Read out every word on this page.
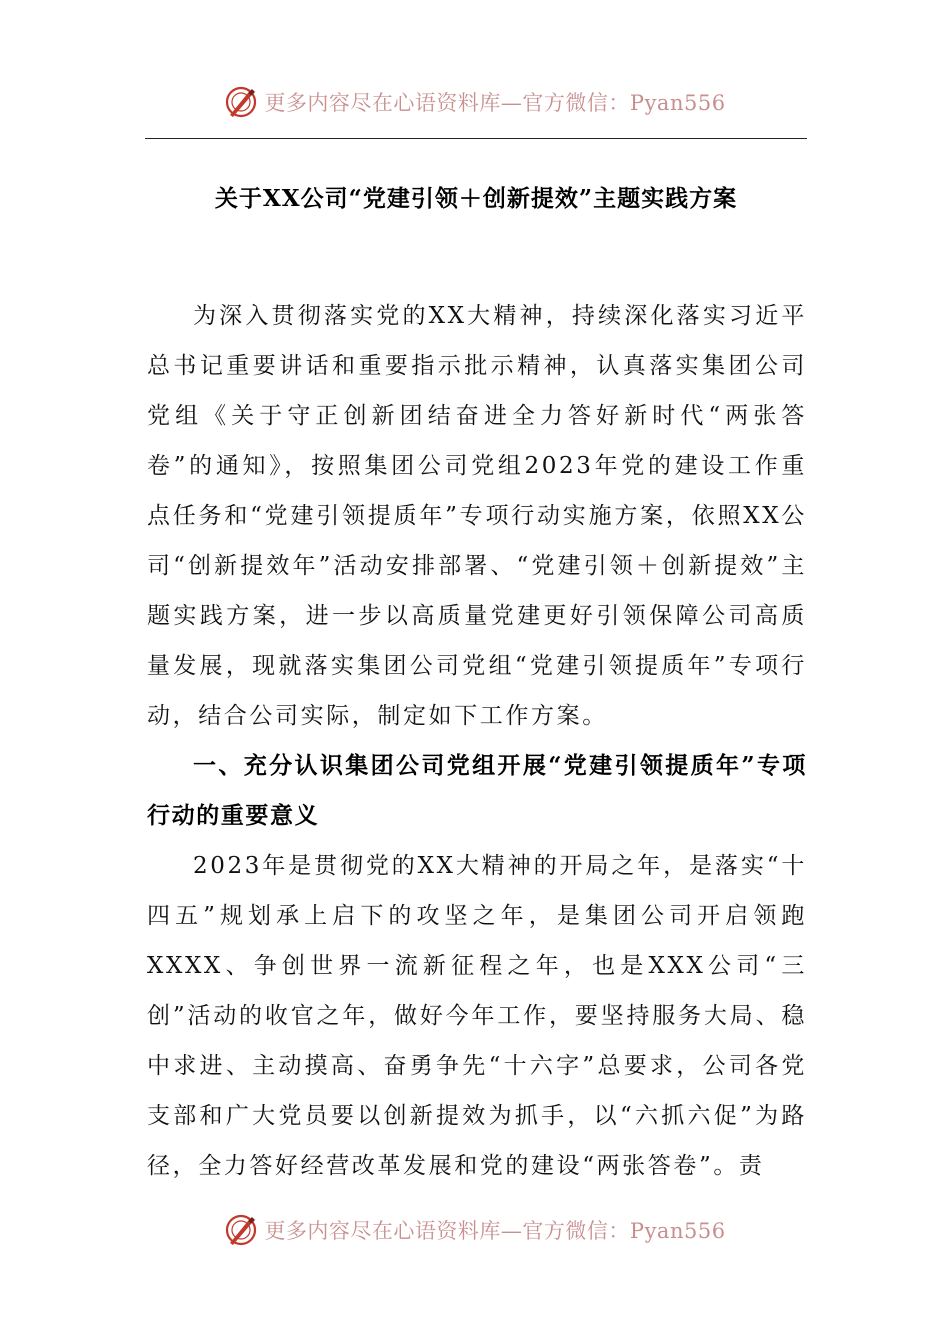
更多内容尽在心语资料库—官方微信：Pyan556
关于XX公司“党建引领＋创新提效”主题实践方案

为深入贯彻落实党的XX大精神，持续深化落实习近平总书记重要讲话和重要指示批示精神，认真落实集团公司党组《关于守正创新团结奋进全力答好新时代“两张答卷”的通知》，按照集团公司党组2023年党的建设工作重点任务和“党建引领提质年”专项行动实施方案，依照XX公司“创新提效年”活动安排部署、“党建引领＋创新提效”主题实践方案，进一步以高质量党建更好引领保障公司高质量发展，现就落实集团公司党组“党建引领提质年”专项行动，结合公司实际，制定如下工作方案。

一、充分认识集团公司党组开展“党建引领提质年”专项行动的重要意义

2023年是贯彻党的XX大精神的开局之年，是落实“十四五”规划承上启下的攻坚之年，是集团公司开启领跑XXXX、争创世界一流新征程之年，也是XXX公司“三创”活动的收官之年，做好今年工作，要坚持服务大局、稳中求进、主动摸高、奋勇争先“十六字”总要求，公司各党支部和广大党员要以创新提效为抓手，以“六抓六促”为路径，全力答好经营改革发展和党的建设“两张答卷”。责

更多内容尽在心语资料库—官方微信：Pyan556
